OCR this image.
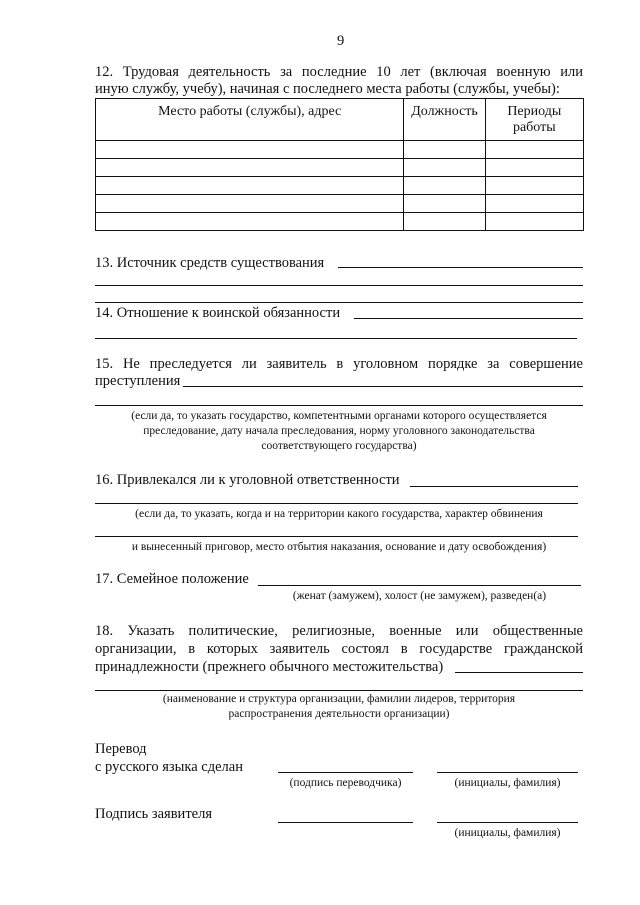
9
12. Трудовая деятельность за последние 10 лет (включая военную или
иную службу, учебу), начиная с последнего места работы (службы, учебы):
Место работы (службы), адрес	Должность	Периоды работы

13. Источник средств существования
14. Отношение к воинской обязанности
15. Не преследуется ли заявитель в уголовном порядке за совершение
преступления
(если да, то указать государство, компетентными органами которого осуществляется
преследование, дату начала преследования, норму уголовного законодательства
соответствующего государства)
16. Привлекался ли к уголовной ответственности
(если да, то указать, когда и на территории какого государства, характер обвинения
и вынесенный приговор, место отбытия наказания, основание и дату освобождения)
17. Семейное положение
(женат (замужем), холост (не замужем), разведен(а)
18. Указать политические, религиозные, военные или общественные
организации, в которых заявитель состоял в государстве гражданской
принадлежности (прежнего обычного местожительства)
(наименование и структура организации, фамилии лидеров, территория
распространения деятельности организации)
Перевод
с русского языка сделан
(подпись переводчика)	(инициалы, фамилия)
Подпись заявителя
(инициалы, фамилия)
